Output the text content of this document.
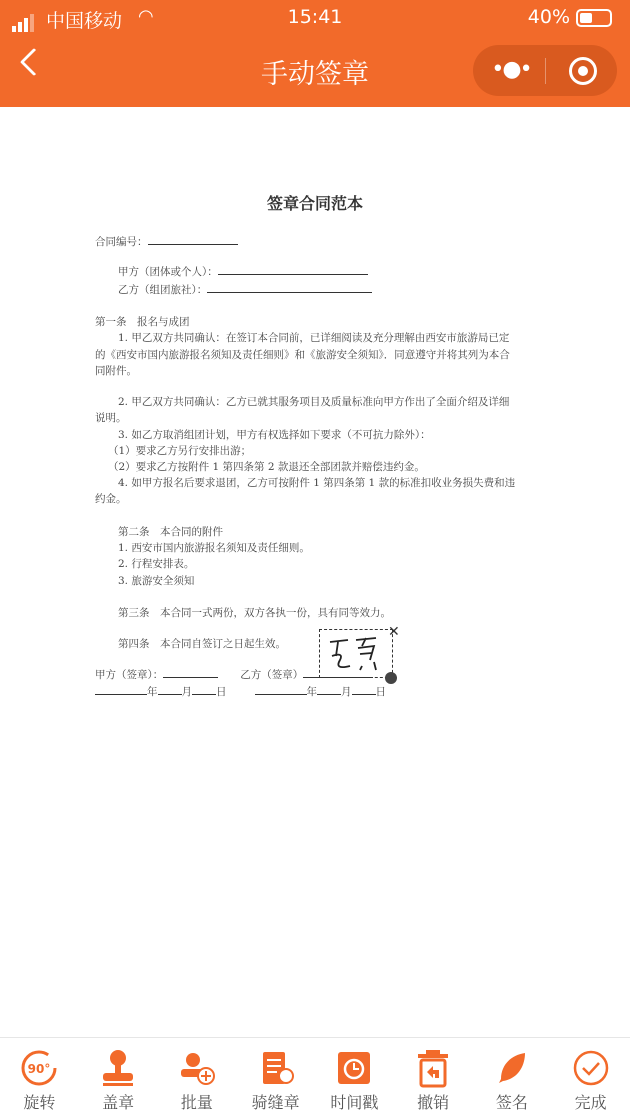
中国移动 ◠	15:41	40%
手动签章	•●•
签章合同范本
合同编号：
甲方（团体或个人）：
乙方（组团旅社）：
第一条　报名与成团
1. 甲乙双方共同确认：在签订本合同前，已详细阅读及充分理解由西安市旅游局已定
的《西安市国内旅游报名须知及责任细则》和《旅游安全须知》．同意遵守并将其列为本合
同附件。
2. 甲乙双方共同确认：乙方已就其服务项目及质量标准向甲方作出了全面介绍及详细
说明。
3. 如乙方取消组团计划，甲方有权选择如下要求（不可抗力除外）：
（1）要求乙方另行安排出游；
（2）要求乙方按附件 1 第四条第 2 款退还全部团款并赔偿违约金。
4. 如甲方报名后要求退团，乙方可按附件 1 第四条第 1 款的标准扣收业务损失费和违
约金。
第二条　本合同的附件
1. 西安市国内旅游报名须知及责任细则。
2. 行程安排表。
3. 旅游安全须知
第三条　本合同一式两份，双方各执一份，具有同等效力。
第四条　本合同自签订之日起生效。
甲方（签章）：	乙方（签章）
年 月 日	年 月 日
✕
90°
旋转	盖章	批量	骑缝章	时间戳	撤销	签名	完成
